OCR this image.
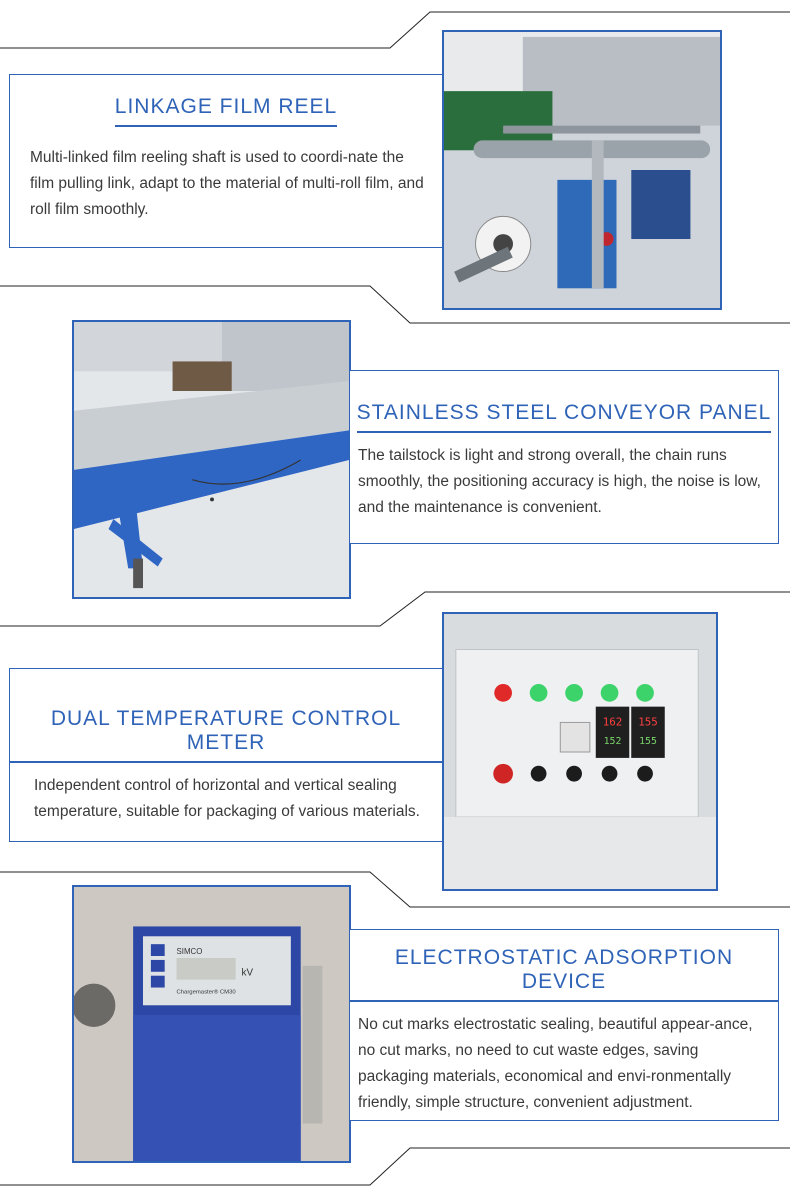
LINKAGE FILM REEL

Multi-linked film reeling shaft is used to coordi-nate the film pulling link, adapt to the material of multi-roll film, and roll film smoothly.

STAINLESS STEEL CONVEYOR PANEL

The tailstock is light and strong overall, the chain runs smoothly, the positioning accuracy is high, the noise is low, and the maintenance is convenient.

DUAL TEMPERATURE CONTROL METER

Independent control of horizontal and vertical sealing temperature, suitable for packaging of various materials.

162 155
152 155
SIMCO
kV
Chargemaster® CM30
ELECTROSTATIC ADSORPTION DEVICE

No cut marks electrostatic sealing, beautiful appear-ance, no cut marks, no need to cut waste edges, saving packaging materials, economical and envi-ronmentally friendly, simple structure, convenient adjustment.
